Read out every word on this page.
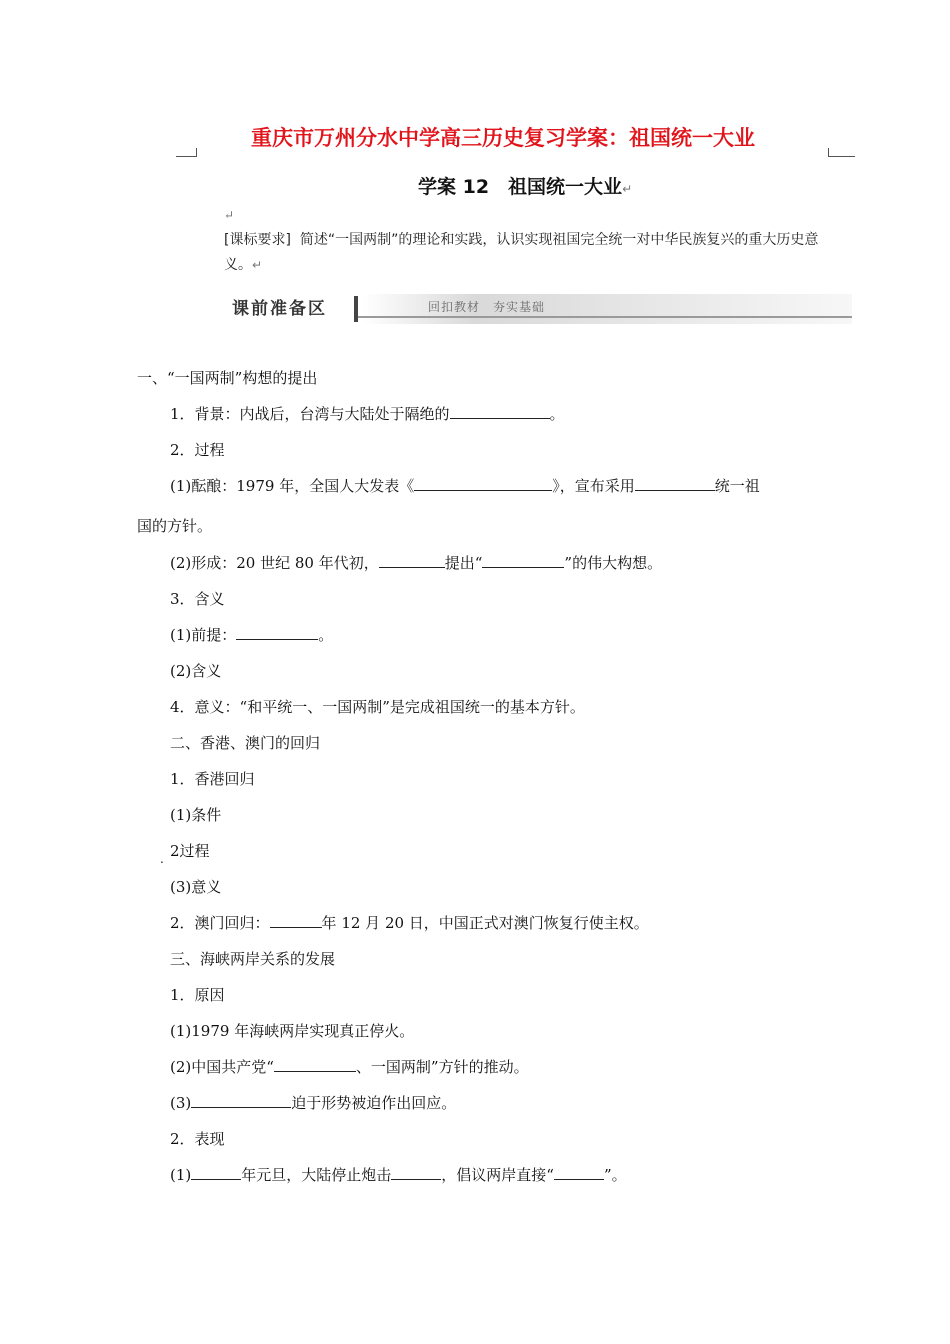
重庆市万州分水中学高三历史复习学案：祖国统一大业
学案 12　祖国统一大业↵
↵
[课标要求] 简述“一国两制”的理论和实践，认识实现祖国完全统一对中华民族复兴的重大历史意义。↵
课前准备区	回扣教材　夯实基础
一、“一国两制”构想的提出
1．背景：内战后，台湾与大陆处于隔绝的	。
2．过程
(1)酝酿：1979 年，全国人大发表《	》，宣布采用	统一祖
国的方针。
(2)形成：20 世纪 80 年代初，	提出“	”的伟大构想。
3．含义
(1)前提：	。
(2)含义
4．意义：“和平统一、一国两制”是完成祖国统一的基本方针。
二、香港、澳门的回归
1．香港回归
(1)条件
. 2过程
(3)意义
2．澳门回归：	年 12 月 20 日，中国正式对澳门恢复行使主权。
三、海峡两岸关系的发展
1．原因
(1)1979 年海峡两岸实现真正停火。
(2)中国共产党“	、一国两制”方针的推动。
(3)	迫于形势被迫作出回应。
2．表现
(1)	年元旦，大陆停止炮击	，倡议两岸直接“	”。
